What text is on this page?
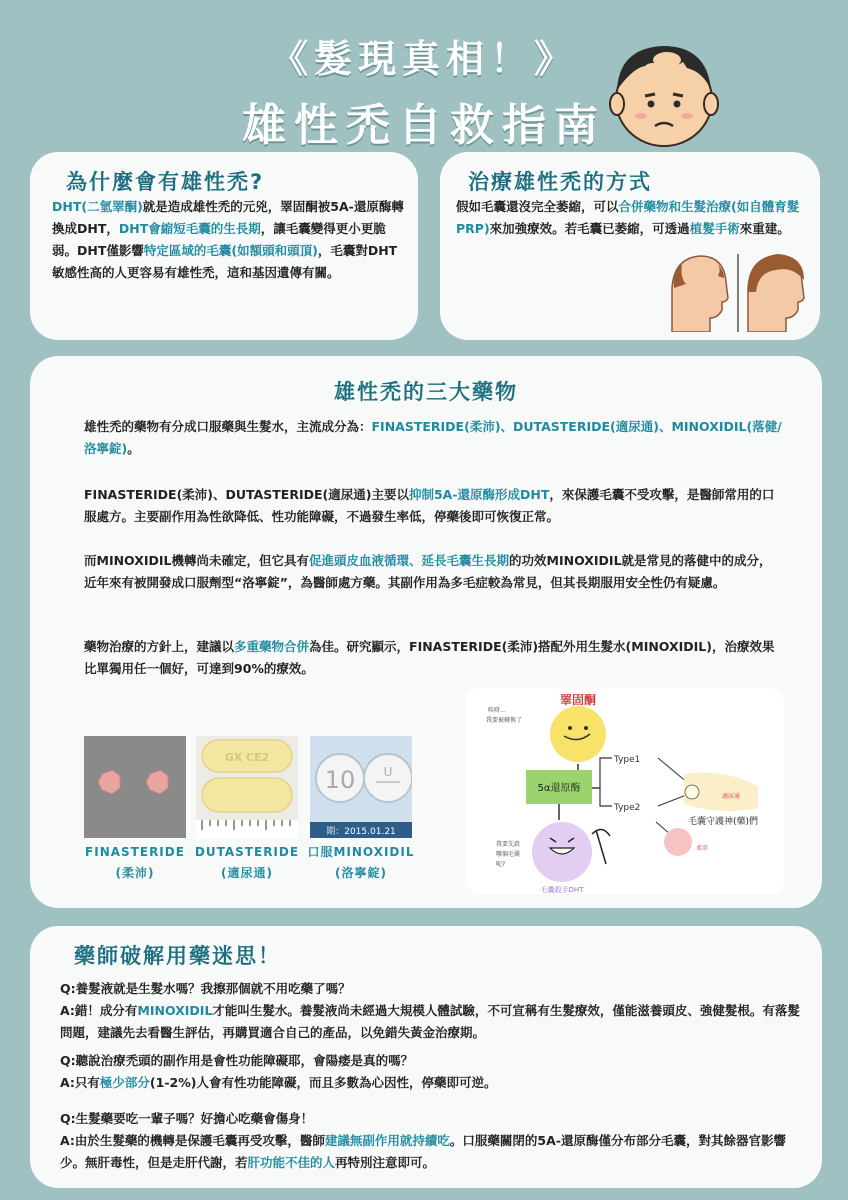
《髮現真相！》
雄性禿自救指南
為什麼會有雄性禿?
DHT(二氫睪酮)就是造成雄性禿的元兇，睪固酮被5A-還原酶轉換成DHT，DHT會縮短毛囊的生長期，讓毛囊變得更小更脆弱。DHT僅影響特定區域的毛囊(如額頭和頭頂)，毛囊對DHT敏感性高的人更容易有雄性禿，這和基因遺傳有關。
治療雄性禿的方式
假如毛囊還沒完全萎縮，可以合併藥物和生髮治療(如自體育髮PRP)來加強療效。若毛囊已萎縮，可透過植髮手術來重建。
雄性禿的三大藥物
雄性禿的藥物有分成口服藥與生髮水，主流成分為：FINASTERIDE(柔沛)、DUTASTERIDE(適尿通)、MINOXIDIL(落健/洛寧錠)。
FINASTERIDE(柔沛)、DUTASTERIDE(適尿通)主要以抑制5A-還原酶形成DHT，來保護毛囊不受攻擊，是醫師常用的口服處方。主要副作用為性欲降低、性功能障礙，不過發生率低，停藥後即可恢復正常。
而MINOXIDIL機轉尚未確定，但它具有促進頭皮血液循環、延長毛囊生長期的功效MINOXIDIL就是常見的落健中的成分，近年來有被開發成口服劑型“洛寧錠”，為醫師處方藥。其副作用為多毛症較為常見，但其長期服用安全性仍有疑慮。
藥物治療的方針上，建議以多重藥物合併為佳。研究顯示，FINASTERIDE(柔沛)搭配外用生髮水(MINOXIDIL)，治療效果比單獨用任一個好，可達到90%的療效。
GX CE2
10 U
期：2015.01.21
FINASTERIDE
(柔沛)
DUTASTERIDE
(適尿通)
口服MINOXIDIL
(洛寧錠)
睪固酮
唉呀…
我要被轉換了
5α還原酶
Type1
Type2
適尿通
毛囊守護神(藥)們
柔沛
我要先殺
哪個毛囊
呢?
毛囊殺手DHT
藥師破解用藥迷思！
Q:養髮液就是生髮水嗎？我擦那個就不用吃藥了嗎？
A:錯！成分有MINOXIDIL才能叫生髮水。養髮液尚未經過大規模人體試驗，不可宣稱有生髮療效，僅能滋養頭皮、強健髮根。有落髮問題，建議先去看醫生評估，再購買適合自己的產品，以免錯失黃金治療期。
Q:聽說治療禿頭的副作用是會性功能障礙耶，會陽痿是真的嗎？
A:只有極少部分(1-2%)人會有性功能障礙，而且多數為心因性，停藥即可逆。
Q:生髮藥要吃一輩子嗎？好擔心吃藥會傷身！
A:由於生髮藥的機轉是保護毛囊再受攻擊，醫師建議無副作用就持續吃。口服藥關閉的5A-還原酶僅分布部分毛囊，對其餘器官影響少。無肝毒性，但是走肝代謝，若肝功能不佳的人再特別注意即可。
